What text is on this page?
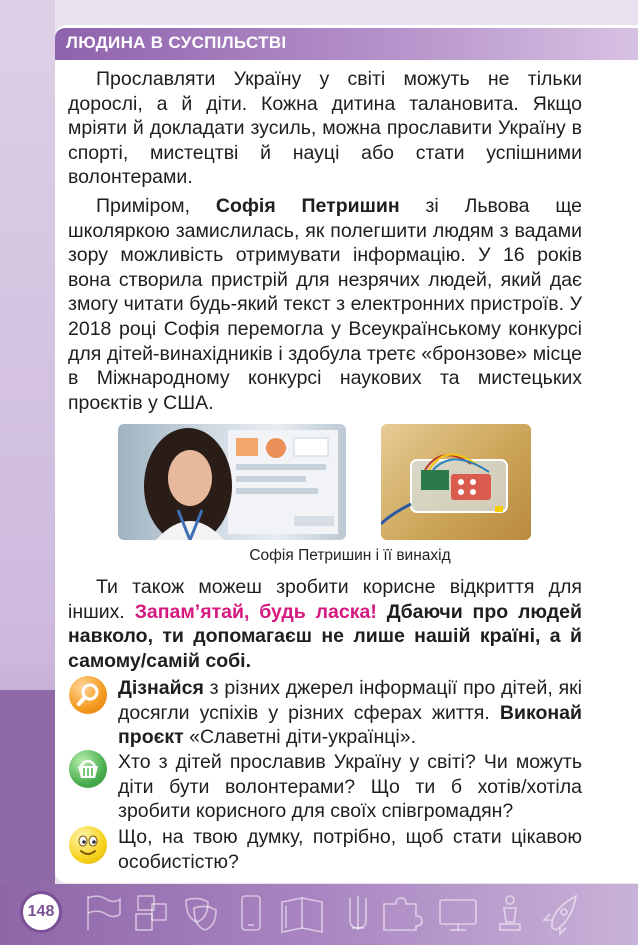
ЛЮДИНА В СУСПІЛЬСТВІ
Прославляти Україну у світі можуть не тільки дорослі, а й діти. Кожна дитина талановита. Якщо мріяти й докладати зусиль, можна прославити Україну в спорті, мистецтві й науці або стати успішними волонтерами.
Приміром, Софія Петришин зі Львова ще школяркою замислилась, як полегшити людям з вадами зору можливість отримувати інформацію. У 16 років вона створила пристрій для незрячих людей, який дає змогу читати будь-який текст з електронних пристроїв. У 2018 році Софія перемогла у Всеукраїнському конкурсі для дітей-винахідників і здобула третє «бронзове» місце в Міжнародному конкурсі наукових та мистецьких проєктів у США.
Софія Петришин і її винахід
Ти також можеш зробити корисне відкриття для інших. Запам’ятай, будь ласка! Дбаючи про людей навколо, ти допомагаєш не лише нашій країні, а й самому/самій собі.
Дізнайся з різних джерел інформації про дітей, які досягли успіхів у різних сферах життя. Виконай проєкт «Славетні діти-українці».
Хто з дітей прославив Україну у світі? Чи можуть діти бути волонтерами? Що ти б хотів/хотіла зробити корисного для своїх співгромадян?
Що, на твою думку, потрібно, щоб стати цікавою особистістю?
148
